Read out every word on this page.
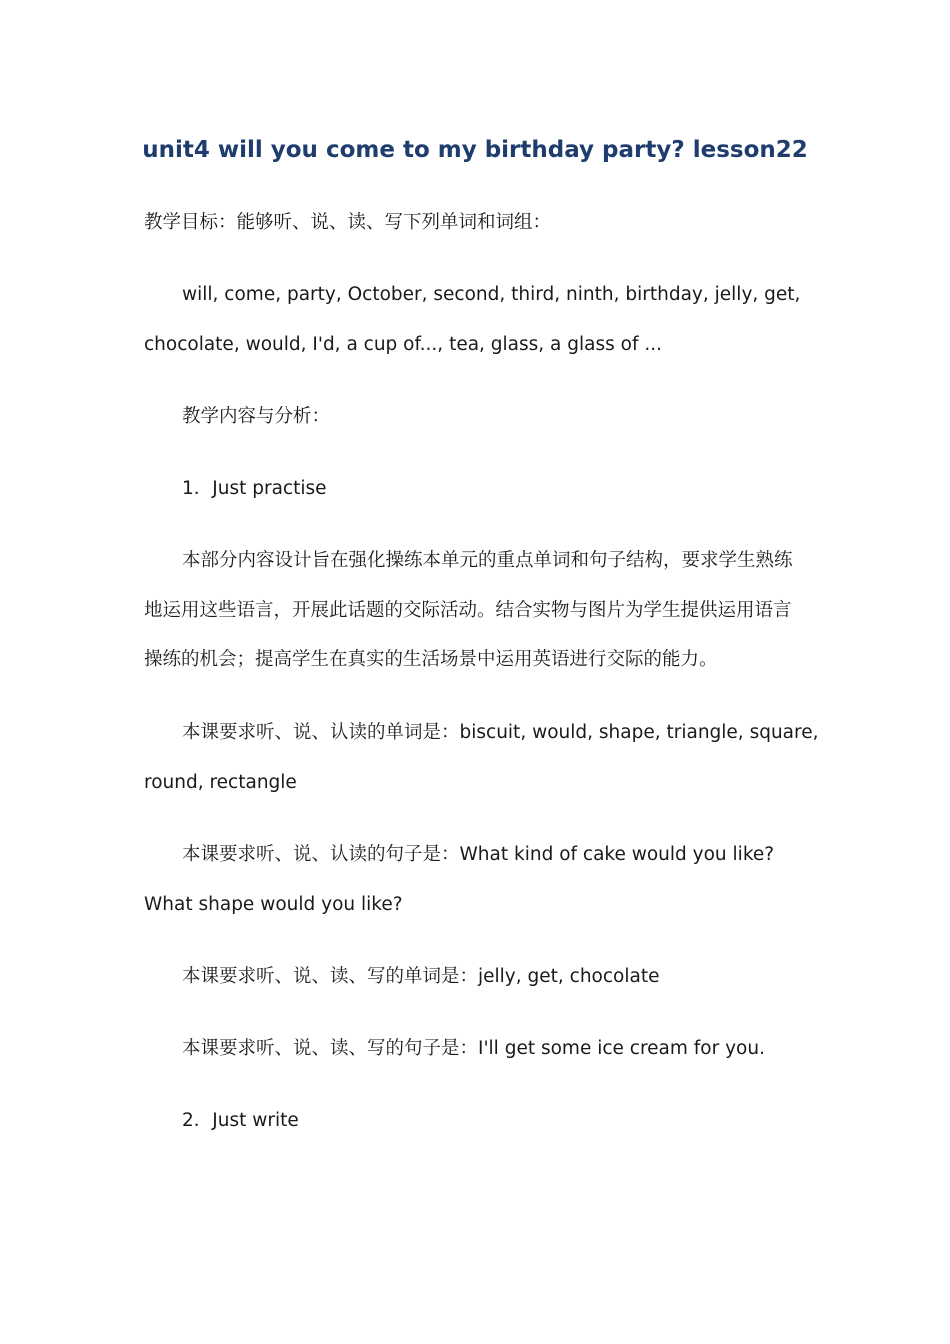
unit4 will you come to my birthday party? lesson22

教学目标：能够听、说、读、写下列单词和词组：

will, come, party, October, second, third, ninth, birthday, jelly, get,
chocolate, would, I'd, a cup of..., tea, glass, a glass of ...

教学内容与分析：

1．Just practise

本部分内容设计旨在强化操练本单元的重点单词和句子结构，要求学生熟练
地运用这些语言，开展此话题的交际活动。结合实物与图片为学生提供运用语言
操练的机会；提高学生在真实的生活场景中运用英语进行交际的能力。

本课要求听、说、认读的单词是：biscuit, would, shape, triangle, square,
round, rectangle

本课要求听、说、认读的句子是：What kind of cake would you like?
What shape would you like?

本课要求听、说、读、写的单词是：jelly, get, chocolate

本课要求听、说、读、写的句子是：I'll get some ice cream for you.

2．Just write
